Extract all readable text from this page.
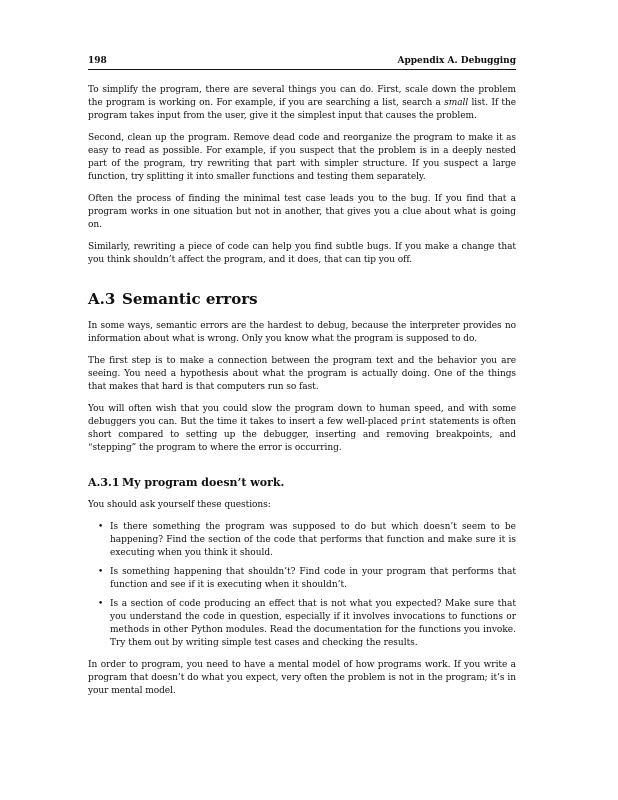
198	Appendix A. Debugging

To simplify the program, there are several things you can do. First, scale down the problem the program is working on. For example, if you are searching a list, search a small list. If the program takes input from the user, give it the simplest input that causes the problem.

Second, clean up the program. Remove dead code and reorganize the program to make it as easy to read as possible. For example, if you suspect that the problem is in a deeply nested part of the program, try rewriting that part with simpler structure. If you suspect a large function, try splitting it into smaller functions and testing them separately.

Often the process of finding the minimal test case leads you to the bug. If you find that a program works in one situation but not in another, that gives you a clue about what is going on.

Similarly, rewriting a piece of code can help you find subtle bugs. If you make a change that you think shouldn’t affect the program, and it does, that can tip you off.

A.3 Semantic errors

In some ways, semantic errors are the hardest to debug, because the interpreter provides no information about what is wrong. Only you know what the program is supposed to do.

The first step is to make a connection between the program text and the behavior you are seeing. You need a hypothesis about what the program is actually doing. One of the things that makes that hard is that computers run so fast.

You will often wish that you could slow the program down to human speed, and with some debuggers you can. But the time it takes to insert a few well-placed print statements is often short compared to setting up the debugger, inserting and removing breakpoints, and “stepping” the program to where the error is occurring.

A.3.1 My program doesn’t work.

You should ask yourself these questions:

• Is there something the program was supposed to do but which doesn’t seem to be happening? Find the section of the code that performs that function and make sure it is executing when you think it should.
• Is something happening that shouldn’t? Find code in your program that performs that function and see if it is executing when it shouldn’t.
• Is a section of code producing an effect that is not what you expected? Make sure that you understand the code in question, especially if it involves invocations to functions or methods in other Python modules. Read the documentation for the functions you invoke. Try them out by writing simple test cases and checking the results.

In order to program, you need to have a mental model of how programs work. If you write a program that doesn’t do what you expect, very often the problem is not in the program; it’s in your mental model.
